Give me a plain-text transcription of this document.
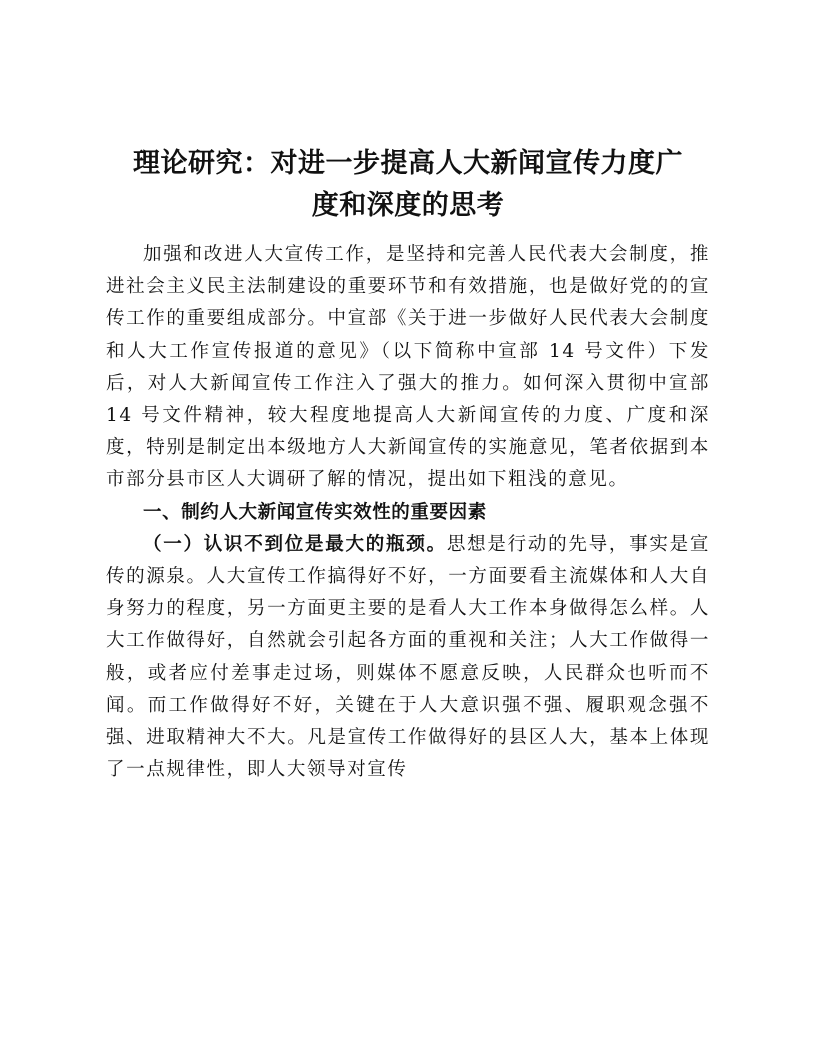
理论研究：对进一步提高人大新闻宣传力度广
度和深度的思考

加强和改进人大宣传工作，是坚持和完善人民代表大会制度，推进社会主义民主法制建设的重要环节和有效措施，也是做好党的的宣传工作的重要组成部分。中宣部《关于进一步做好人民代表大会制度和人大工作宣传报道的意见》（以下简称中宣部 14 号文件）下发后，对人大新闻宣传工作注入了强大的推力。如何深入贯彻中宣部 14 号文件精神，较大程度地提高人大新闻宣传的力度、广度和深度，特别是制定出本级地方人大新闻宣传的实施意见，笔者依据到本市部分县市区人大调研了解的情况，提出如下粗浅的意见。

一、制约人大新闻宣传实效性的重要因素

（一）认识不到位是最大的瓶颈。思想是行动的先导，事实是宣传的源泉。人大宣传工作搞得好不好，一方面要看主流媒体和人大自身努力的程度，另一方面更主要的是看人大工作本身做得怎么样。人大工作做得好，自然就会引起各方面的重视和关注；人大工作做得一般，或者应付差事走过场，则媒体不愿意反映，人民群众也听而不闻。而工作做得好不好，关键在于人大意识强不强、履职观念强不强、进取精神大不大。凡是宣传工作做得好的县区人大，基本上体现了一点规律性，即人大领导对宣传
